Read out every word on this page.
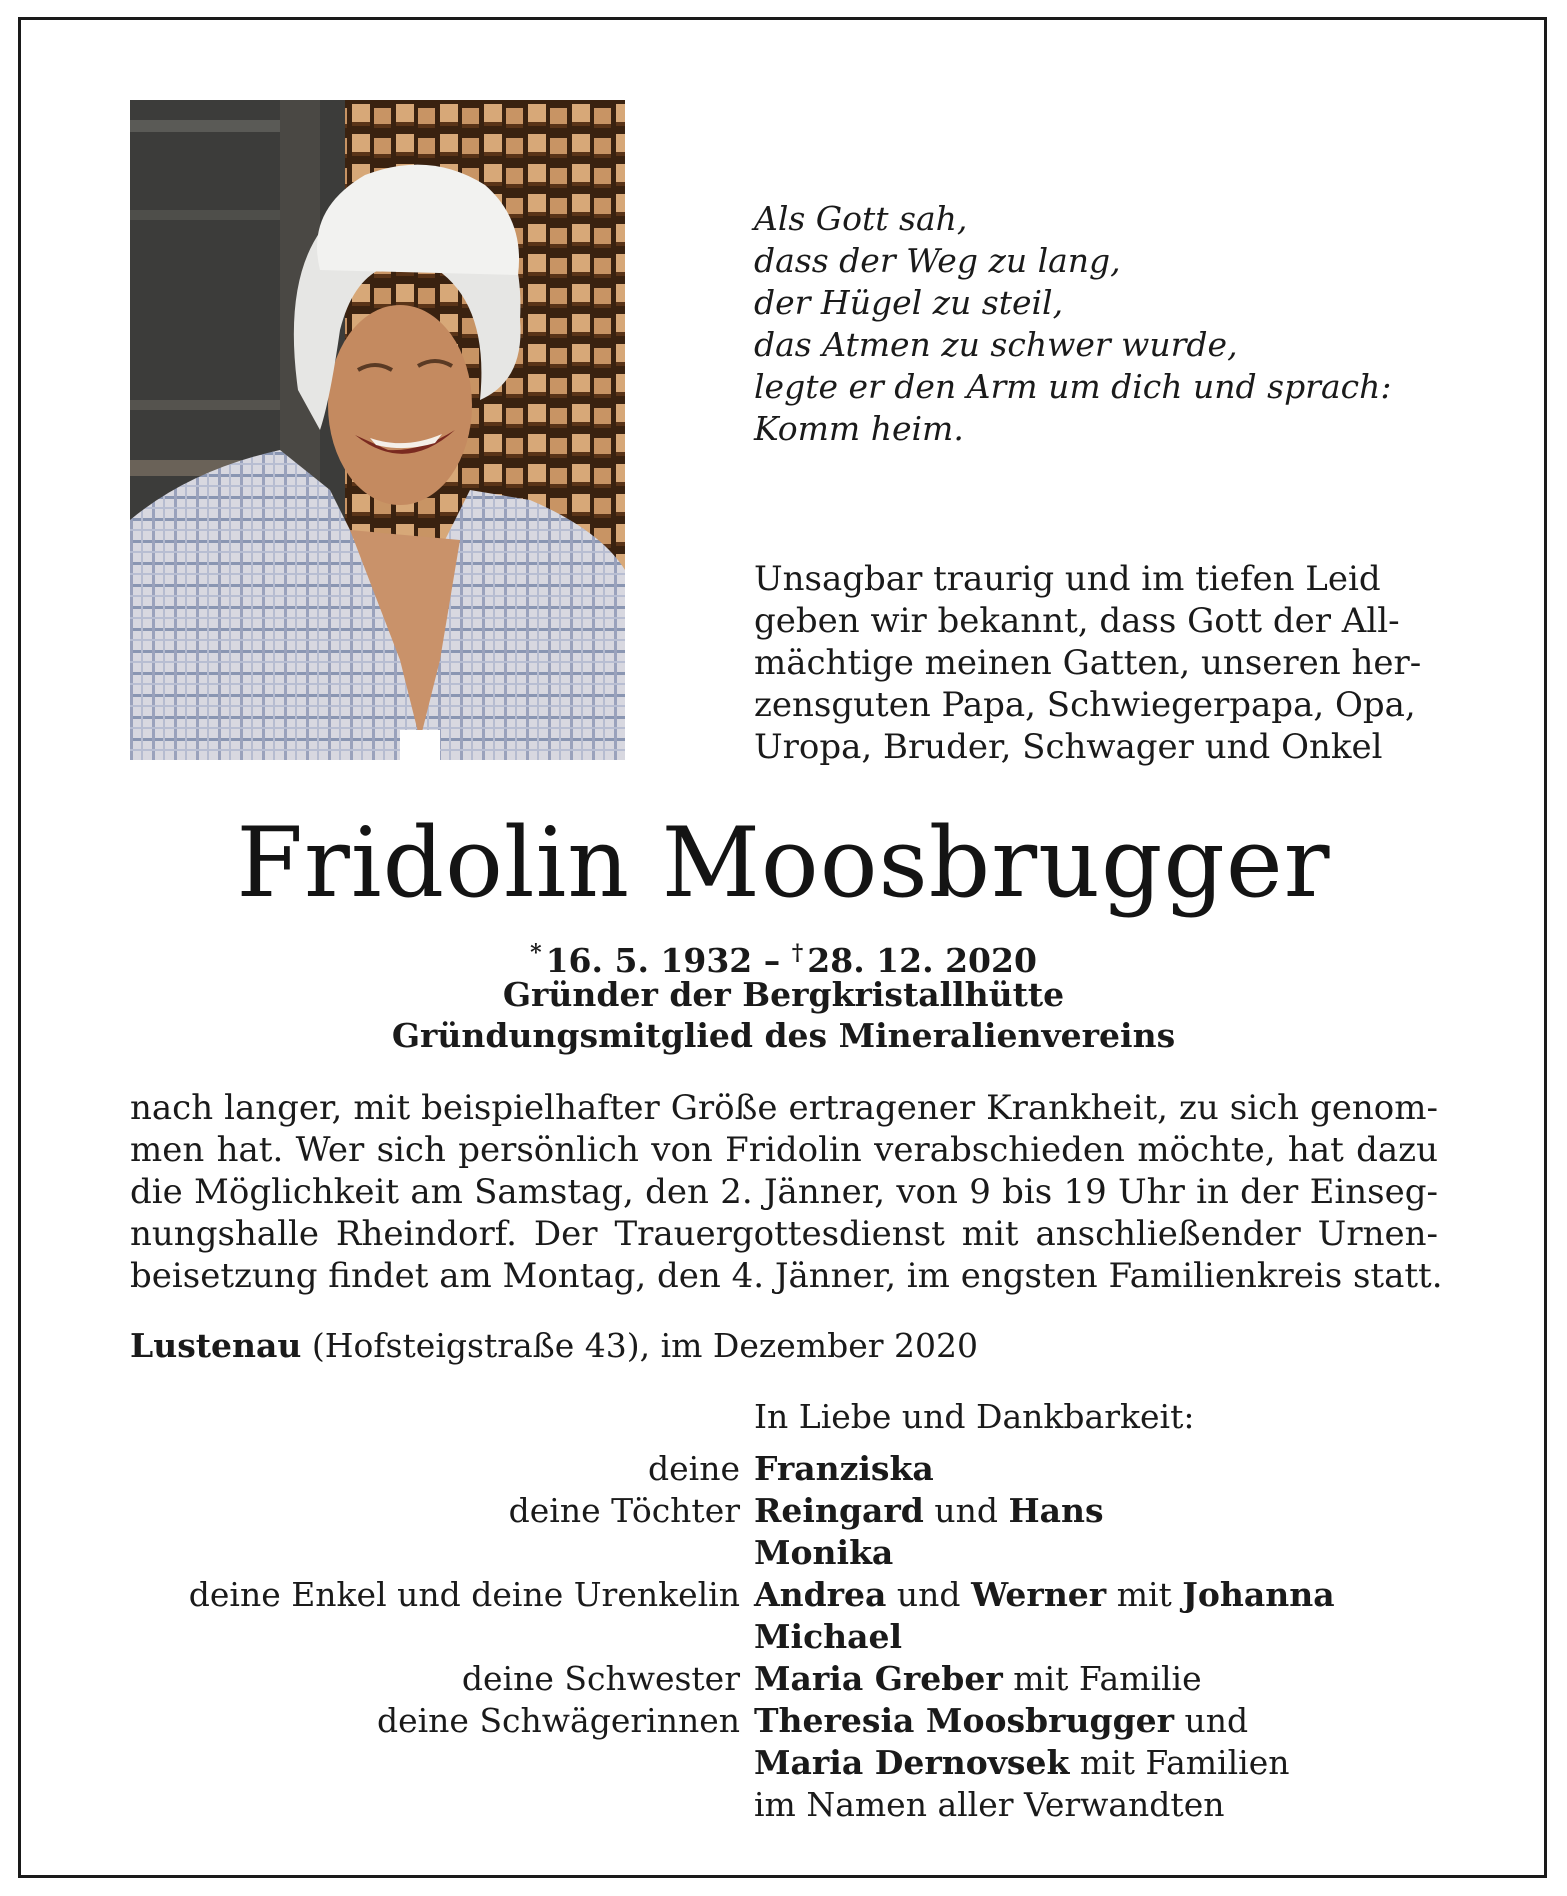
Als Gott sah,
dass der Weg zu lang,
der Hügel zu steil,
das Atmen zu schwer wurde,
legte er den Arm um dich und sprach:
Komm heim.
Unsagbar traurig und im tiefen Leid
geben wir bekannt, dass Gott der All-
mächtige meinen Gatten, unseren her-
zensguten Papa, Schwiegerpapa, Opa,
Uropa, Bruder, Schwager und Onkel
Fridolin Moosbrugger
* 16. 5. 1932 – † 28. 12. 2020
Gründer der Bergkristallhütte
Gründungsmitglied des Mineralienvereins
nach langer, mit beispielhafter Größe ertragener Krankheit, zu sich genom-
men hat. Wer sich persönlich von Fridolin verabschieden möchte, hat dazu
die Möglichkeit am Samstag, den 2. Jänner, von 9 bis 19 Uhr in der Einseg-
nungshalle Rheindorf. Der Trauergottesdienst mit anschließender Urnen-
beisetzung findet am Montag, den 4. Jänner, im engsten Familienkreis statt.
Lustenau (Hofsteigstraße 43), im Dezember 2020
In Liebe und Dankbarkeit:
deine Franziska
deine Töchter Reingard und Hans
Monika
deine Enkel und deine Urenkelin Andrea und Werner mit Johanna
Michael
deine Schwester Maria Greber mit Familie
deine Schwägerinnen Theresia Moosbrugger und
Maria Dernovsek mit Familien
im Namen aller Verwandten
